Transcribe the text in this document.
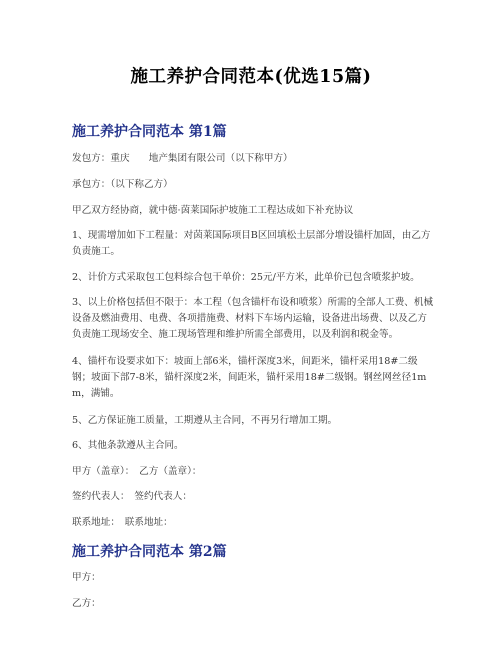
施工养护合同范本(优选15篇)
施工养护合同范本 第1篇
发包方：重庆　　地产集团有限公司（以下称甲方）
承包方：（以下称乙方）
甲乙双方经协商，就中德·茵莱国际护坡施工工程达成如下补充协议
1、现需增加如下工程量：对茵莱国际项目B区回填松土层部分增设锚杆加固，由乙方负责施工。
2、计价方式采取包工包料综合包干单价：25元/平方米，此单价已包含喷浆护坡。
3、以上价格包括但不限于：本工程（包含锚杆布设和喷浆）所需的全部人工费、机械设备及燃油费用、电费、各项措施费、材料下车场内运输，设备进出场费、以及乙方负责施工现场安全、施工现场管理和维护所需全部费用，以及利润和税金等。
4、锚杆布设要求如下：坡面上部6米，锚杆深度3米，间距米，锚杆采用18#二级钢；坡面下部7-8米，锚杆深度2米，间距米，锚杆采用18#二级钢。钢丝网丝径1mm，满铺。
5、乙方保证施工质量，工期遵从主合同，不再另行增加工期。
6、其他条款遵从主合同。
甲方（盖章）：　乙方（盖章）：
签约代表人：　签约代表人：
联系地址：　联系地址：
施工养护合同范本 第2篇
甲方：
乙方：
